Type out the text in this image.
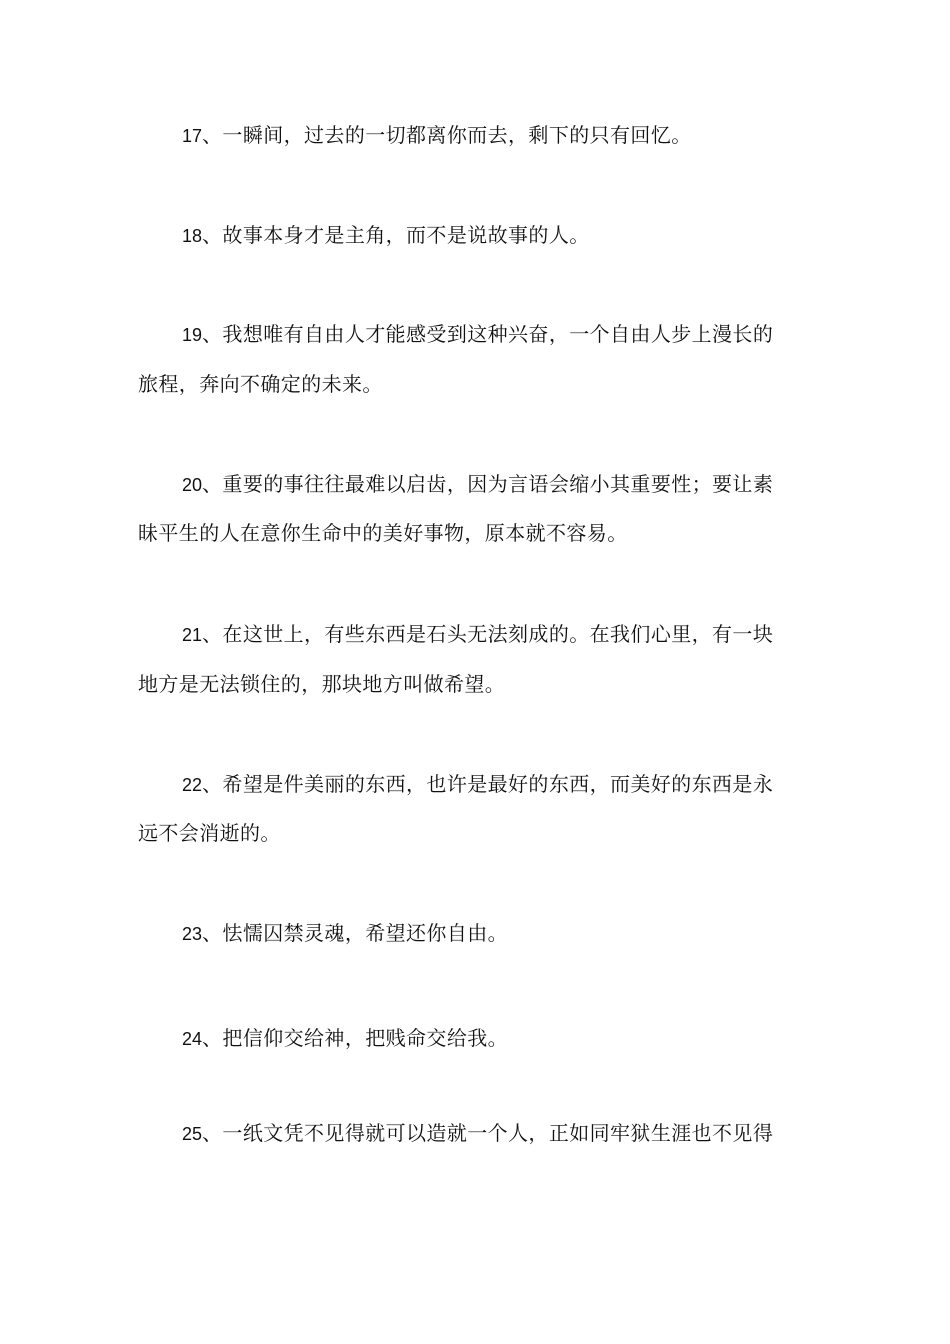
17、一瞬间，过去的一切都离你而去，剩下的只有回忆。
18、故事本身才是主角，而不是说故事的人。
19、我想唯有自由人才能感受到这种兴奋，一个自由人步上漫长的
旅程，奔向不确定的未来。
20、重要的事往往最难以启齿，因为言语会缩小其重要性；要让素
昧平生的人在意你生命中的美好事物，原本就不容易。
21、在这世上，有些东西是石头无法刻成的。在我们心里，有一块
地方是无法锁住的，那块地方叫做希望。
22、希望是件美丽的东西，也许是最好的东西，而美好的东西是永
远不会消逝的。
23、怯懦囚禁灵魂，希望还你自由。
24、把信仰交给神，把贱命交给我。
25、一纸文凭不见得就可以造就一个人，正如同牢狱生涯也不见得
